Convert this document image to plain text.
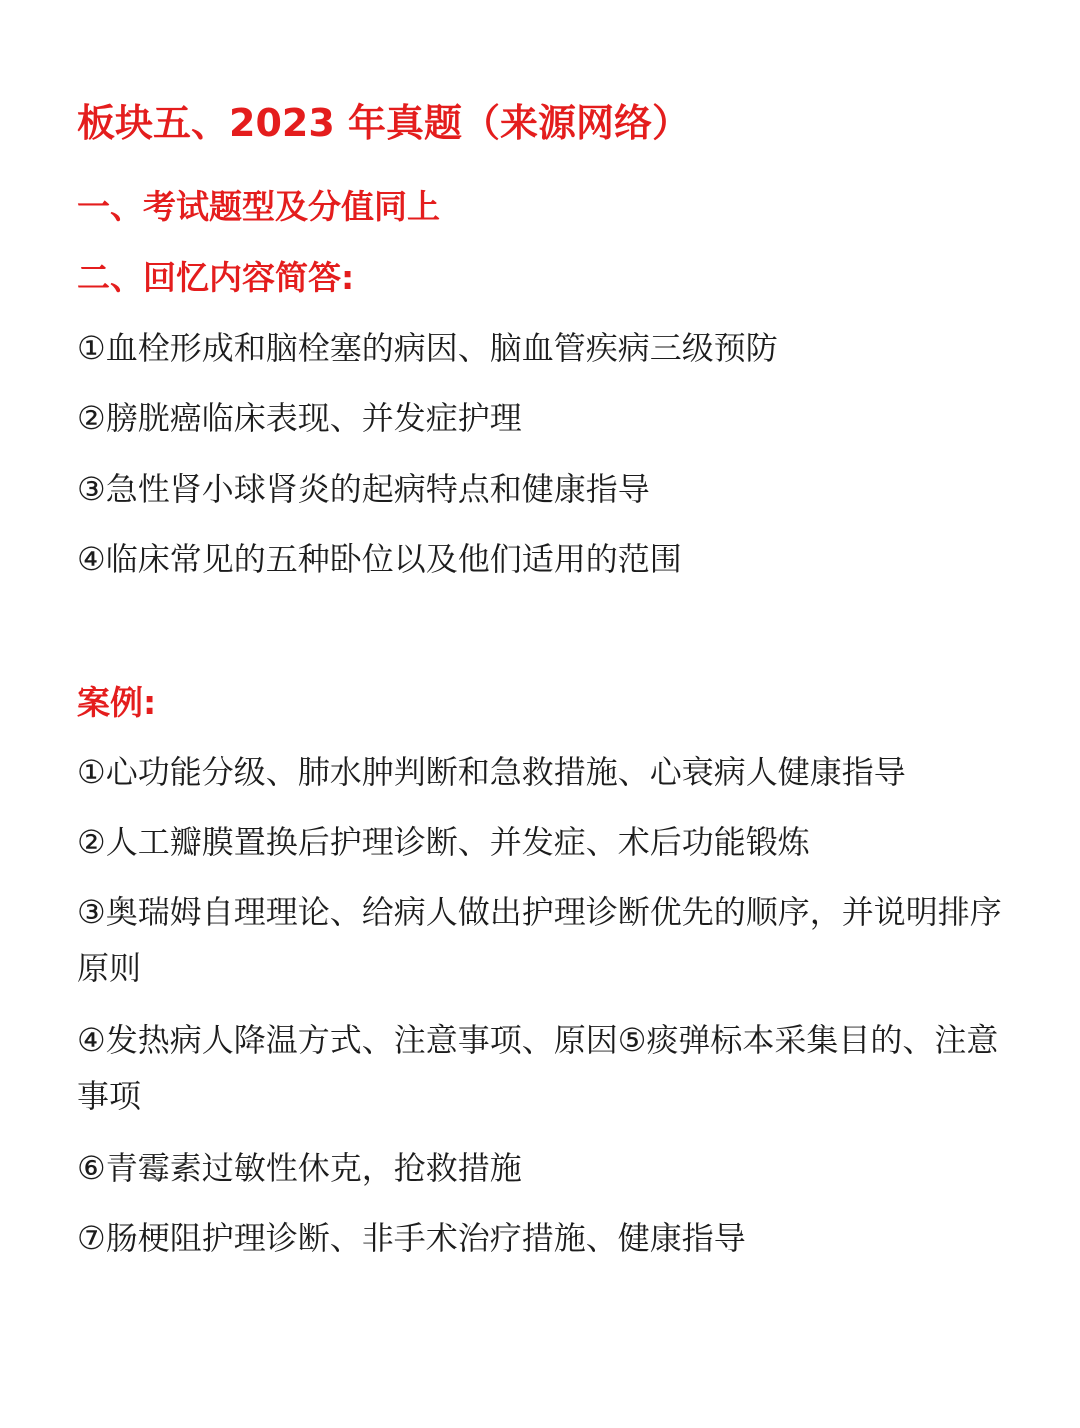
板块五、2023 年真题（来源网络）
一、考试题型及分值同上
二、回忆内容简答:
①血栓形成和脑栓塞的病因、脑血管疾病三级预防
②膀胱癌临床表现、并发症护理
③急性肾小球肾炎的起病特点和健康指导
④临床常见的五种卧位以及他们适用的范围
案例:
①心功能分级、肺水肿判断和急救措施、心衰病人健康指导
②人工瓣膜置换后护理诊断、并发症、术后功能锻炼
③奥瑞姆自理理论、给病人做出护理诊断优先的顺序，并说明排序原则
④发热病人降温方式、注意事项、原因⑤痰弹标本采集目的、注意事项
⑥青霉素过敏性休克，抢救措施
⑦肠梗阻护理诊断、非手术治疗措施、健康指导
